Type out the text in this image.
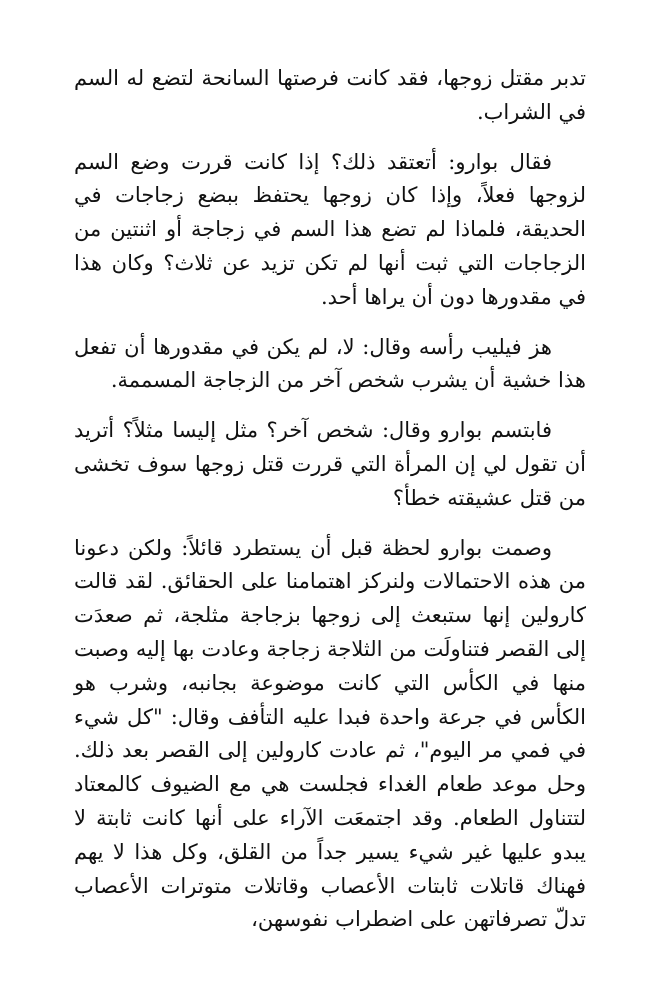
تدبر مقتل زوجها، فقد كانت فرصتها السانحة لتضع له السم في الشراب.

فقال بوارو: أتعتقد ذلك؟ إذا كانت قررت وضع السم لزوجها فعلاً، وإذا كان زوجها يحتفظ ببضع زجاجات في الحديقة، فلماذا لم تضع هذا السم في زجاجة أو اثنتين من الزجاجات التي ثبت أنها لم تكن تزيد عن ثلاث؟ وكان هذا في مقدورها دون أن يراها أحد.

هز فيليب رأسه وقال: لا، لم يكن في مقدورها أن تفعل هذا خشية أن يشرب شخص آخر من الزجاجة المسممة.

فابتسم بوارو وقال: شخص آخر؟ مثل إليسا مثلاً؟ أتريد أن تقول لي إن المرأة التي قررت قتل زوجها سوف تخشى من قتل عشيقته خطأ؟

وصمت بوارو لحظة قبل أن يستطرد قائلاً: ولكن دعونا من هذه الاحتمالات ولنركز اهتمامنا على الحقائق. لقد قالت كارولين إنها ستبعث إلى زوجها بزجاجة مثلجة، ثم صعدَت إلى القصر فتناولَت من الثلاجة زجاجة وعادت بها إليه وصبت منها في الكأس التي كانت موضوعة بجانبه، وشرب هو الكأس في جرعة واحدة فبدا عليه التأفف وقال: "كل شيء في فمي مر اليوم"، ثم عادت كارولين إلى القصر بعد ذلك. وحل موعد طعام الغداء فجلست هي مع الضيوف كالمعتاد لتتناول الطعام. وقد اجتمعَت الآراء على أنها كانت ثابتة لا يبدو عليها غير شيء يسير جداً من القلق، وكل هذا لا يهم فهناك قاتلات ثابتات الأعصاب وقاتلات متوترات الأعصاب تدلّ تصرفاتهن على اضطراب نفوسهن،
